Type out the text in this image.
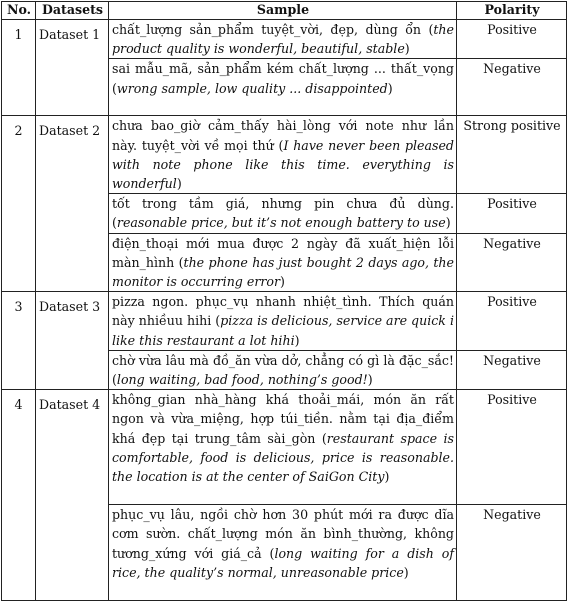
No.	Datasets	Sample	Polarity
1	Dataset 1	chất_lượng sản_phẩm tuyệt_vời, đẹp, dùng ổn (the product quality is wonderful, beautiful, stable)	Positive
		sai mẫu_mã, sản_phẩm kém chất_lượng ... thất_vọng (wrong sample, low quality ... disappointed)	Negative
2	Dataset 2	chưa bao_giờ cảm_thấy hài_lòng với note như lần này. tuyệt_vời về mọi thứ (I have never been pleased with note phone like this time. everything is wonderful)	Strong positive
		tốt trong tầm giá, nhưng pin chưa đủ dùng. (reasonable price, but it’s not enough battery to use)	Positive
		điện_thoại mới mua được 2 ngày đã xuất_hiện lỗi màn_hình (the phone has just bought 2 days ago, the monitor is occurring error)	Negative
3	Dataset 3	pizza ngon. phục_vụ nhanh nhiệt_tình. Thích quán này nhiềuu hihi (pizza is delicious, service are quick i like this restaurant a lot hihi)	Positive
		chờ vừa lâu mà đồ_ăn vừa dở, chẳng có gì là đặc_sắc! (long waiting, bad food, nothing’s good!)	Negative
4	Dataset 4	không_gian nhà_hàng khá thoải_mái, món ăn rất ngon và vừa_miệng, hợp túi_tiền. nằm tại địa_điểm khá đẹp tại trung_tâm sài_gòn (restaurant space is comfortable, food is delicious, price is reasonable. the location is at the center of SaiGon City)	Positive
		phục_vụ lâu, ngồi chờ hơn 30 phút mới ra được dĩa cơm sườn. chất_lượng món ăn bình_thường, không tương_xứng với giá_cả (long waiting for a dish of rice, the quality’s normal, unreasonable price)	Negative
